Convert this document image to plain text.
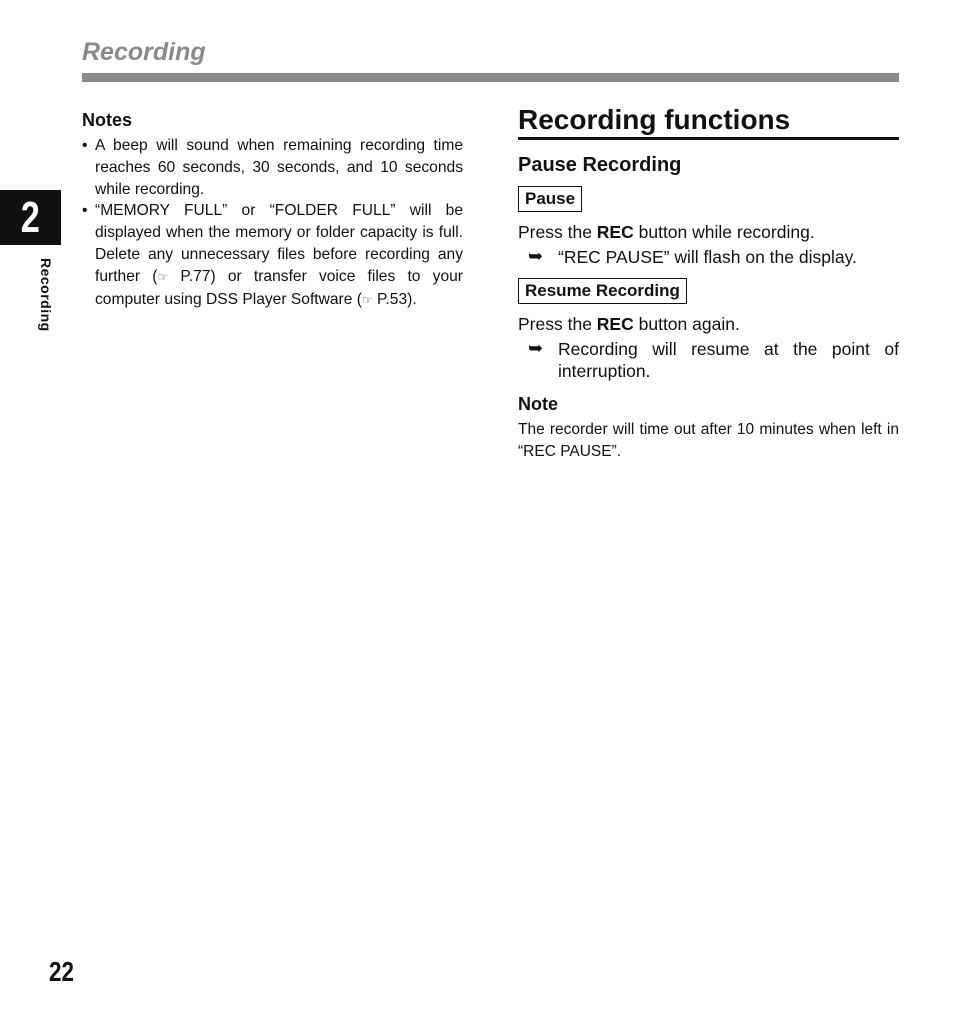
Recording
2
Recording
Notes
• A beep will sound when remaining recording time reaches 60 seconds, 30 seconds, and 10 seconds while recording.
• “MEMORY FULL” or “FOLDER FULL” will be displayed when the memory or folder capacity is full. Delete any unnecessary files before recording any further (☞ P.77) or transfer voice files to your computer using DSS Player Software (☞ P.53).
Recording functions
Pause Recording
Pause
Press the REC button while recording.
➥ “REC PAUSE” will flash on the display.
Resume Recording
Press the REC button again.
➥ Recording will resume at the point of interruption.
Note

The recorder will time out after 10 minutes when left in “REC PAUSE”.

22
